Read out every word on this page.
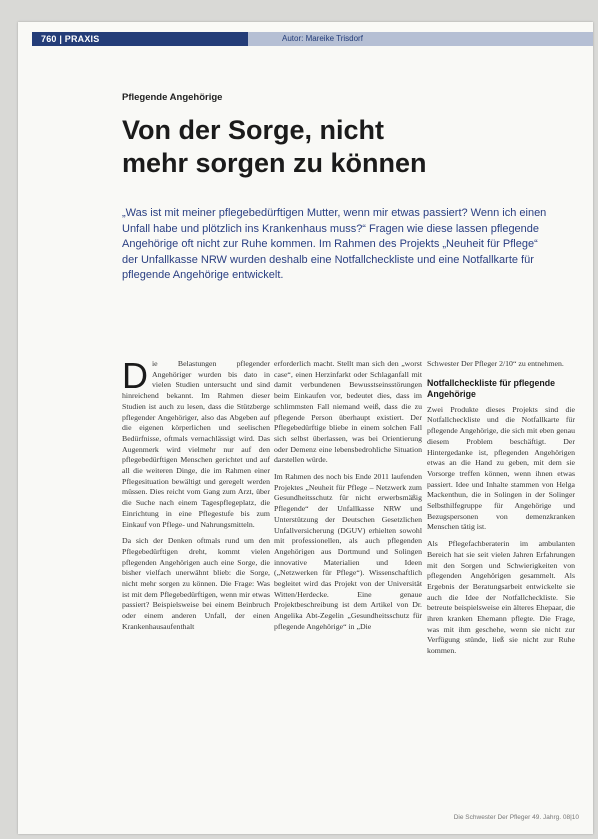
760 | PRAXIS	Autor: Mareike Trisdorf
Pflegende Angehörige
Von der Sorge, nicht
mehr sorgen zu können

„Was ist mit meiner pflegebedürftigen Mutter, wenn mir etwas passiert? Wenn ich einen Unfall habe und plötzlich ins Krankenhaus muss?“ Fragen wie diese lassen pflegende Angehörige oft nicht zur Ruhe kommen. Im Rahmen des Projekts „Neuheit für Pflege“ der Unfallkasse NRW wurden deshalb eine Notfallcheckliste und eine Notfallkarte für pflegende Angehörige entwickelt.

Die Belastungen pflegender Angehöriger wurden bis dato in vielen Studien untersucht und sind hinreichend bekannt. Im Rahmen dieser Studien ist auch zu lesen, dass die Stützberge pflegender Angehöriger, also das Abgeben auf die eigenen körperlichen und seelischen Bedürfnisse, oftmals vernachlässigt wird. Das Augenmerk wird vielmehr nur auf den pflegebedürftigen Menschen gerichtet und auf all die weiteren Dinge, die im Rahmen einer Pflegesituation bewältigt und geregelt werden müssen. Dies reicht vom Gang zum Arzt, über die Suche nach einem Tagespflegeplatz, die Einrichtung in eine Pflegestufe bis zum Einkauf von Pflege- und Nahrungsmitteln.

Da sich der Denken oftmals rund um den Pflegebedürftigen dreht, kommt vielen pflegenden Angehörigen auch eine Sorge, die bisher vielfach unerwähnt blieb: die Sorge, nicht mehr sorgen zu können. Die Frage: Was ist mit dem Pflegebedürftigen, wenn mir etwas passiert? Beispielsweise bei einem Beinbruch oder einem anderen Unfall, der einen Krankenhausaufenthalt

erforderlich macht. Stellt man sich den „worst case“, einen Herzinfarkt oder Schlaganfall mit damit verbundenen Bewusstseinsstörungen beim Einkaufen vor, bedeutet dies, dass im schlimmsten Fall niemand weiß, dass die zu pflegende Person überhaupt existiert. Der Pflegebedürftige bliebe in einem solchen Fall sich selbst überlassen, was bei Orientierung oder Demenz eine lebensbedrohliche Situation darstellen würde.

Im Rahmen des noch bis Ende 2011 laufenden Projektes „Neuheit für Pflege – Netzwerk zum Gesundheitsschutz für nicht erwerbsmäßig Pflegende“ der Unfallkasse NRW und Unterstützung der Deutschen Gesetzlichen Unfallversicherung (DGUV) erhielten sowohl mit professionellen, als auch pflegenden Angehörigen aus Dortmund und Solingen innovative Materialien und Ideen („Netzwerken für Pflege“). Wissenschaftlich begleitet wird das Projekt von der Universität Witten/Herdecke. Eine genaue Projektbeschreibung ist dem Artikel von Dr. Angelika Abt-Zegelin „Gesundheitsschutz für pflegende Angehörige“ in „Die

Schwester Der Pfleger 2/10“ zu entnehmen.

Notfallcheckliste für pflegende Angehörige

Zwei Produkte dieses Projekts sind die Notfallcheckliste und die Notfallkarte für pflegende Angehörige, die sich mit eben genau diesem Problem beschäftigt. Der Hintergedanke ist, pflegenden Angehörigen etwas an die Hand zu geben, mit dem sie Vorsorge treffen können, wenn ihnen etwas passiert. Idee und Inhalte stammen von Helga Mackenthun, die in Solingen in der Solinger Selbsthilfegruppe für Angehörige und Bezugspersonen von demenzkranken Menschen tätig ist.

Als Pflegefachberaterin im ambulanten Bereich hat sie seit vielen Jahren Erfahrungen mit den Sorgen und Schwierigkeiten von pflegenden Angehörigen gesammelt. Als Ergebnis der Beratungsarbeit entwickelte sie auch die Idee der Notfallcheckliste. Sie betreute beispielsweise ein älteres Ehepaar, die ihren kranken Ehemann pflegte. Die Frage, was mit ihm geschehe, wenn sie nicht zur Verfügung stünde, ließ sie nicht zur Ruhe kommen.

Die Schwester Der Pfleger 49. Jahrg. 08|10
